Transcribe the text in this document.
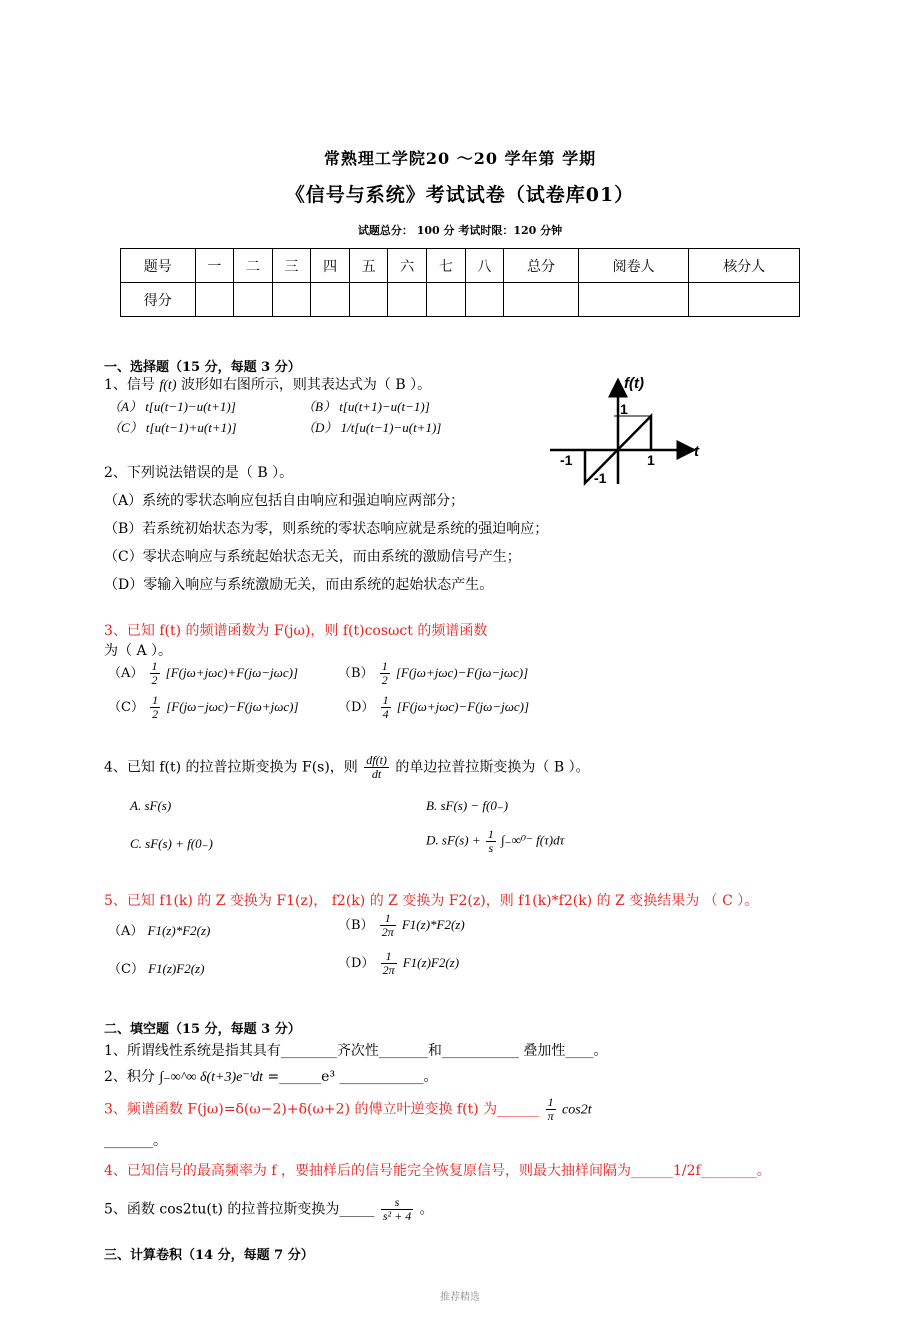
常熟理工学院20 ～20 学年第 学期
《信号与系统》考试试卷（试卷库01）
试题总分： 100 分 考试时限：120 分钟
题号	一	二	三	四	五	六	七	八	总分	阅卷人	核分人
得分											
一、选择题（15 分，每题 3 分）
1、信号 f(t) 波形如右图所示，则其表达式为（ B ）。
（A） t[u(t−1)−u(t+1)]	（B） t[u(t+1)−u(t−1)]
（C） t[u(t−1)+u(t+1)]	（D） 1/t[u(t−1)−u(t+1)]
f(t)
t
1
-1
1
-1
2、下列说法错误的是（ B ）。
（A）系统的零状态响应包括自由响应和强迫响应两部分；
（B）若系统初始状态为零，则系统的零状态响应就是系统的强迫响应；
（C）零状态响应与系统起始状态无关，而由系统的激励信号产生；
（D）零输入响应与系统激励无关，而由系统的起始状态产生。
3、已知 f(t) 的频谱函数为 F(jω)，则 f(t)cosωct 的频谱函数
为（ A ）。
$(A) \frac{1}{2} [F(j\omega+j\omega c)+F(j\omega-j\omega c)]$	$(B) \frac{1}{2} [F(j\omega+j\omega c)-F(j\omega-j\omega c)]$
$(C) \frac{1}{2} [F(j\omega-j\omega c)-F(j\omega+j\omega c)]$	$(D) \frac{1}{4} [F(j\omega+j\omega c)-F(j\omega-j\omega c)]$
4、已知 f(t) 的拉普拉斯变换为 F(s)，则 $\frac{df(t)}{dt}$ 的单边拉普拉斯变换为（ B ）。
A. sF(s)	B. sF(s) − f(0₋)
C. sF(s) + f(0₋)	D. $sF(s) + \frac{1}{s} \int_-\infty^{0-}$ f(τ)dτ
5、已知 f1(k) 的 Z 变换为 F1(z)， f2(k) 的 Z 变换为 F2(z)，则 f1(k)*f2(k) 的 Z 变换结果为 （ C ）。
（A） F1(z)*F2(z)	$(B) \frac{1}{2\pi} F1(z)*F2(z)$
（C） F1(z)F2(z)	$(D) \frac{1}{2\pi} F1(z)F2(z)$
二、填空题（15 分，每题 3 分）
1、所谓线性系统是指其具有________齐次性_______和___________ 叠加性____。
2、积分 ∫₋∞^∞ δ(t+3)e⁻ᵗdt =______e³ ____________。
3、频谱函数 F(jω)=δ(ω−2)+δ(ω+2) 的傅立叶逆变换 f(t) 为______ $\frac{1}{\pi} \cos 2t$
_______。
4、已知信号的最高频率为 f ，要抽样后的信号能完全恢复原信号，则最大抽样间隔为______1/2f________。
5、函数 cos2tu(t) 的拉普拉斯变换为_____ $\frac{s}{\text{s² + 4}}$ 。
三、计算卷积（14 分，每题 7 分）
推荐精选
